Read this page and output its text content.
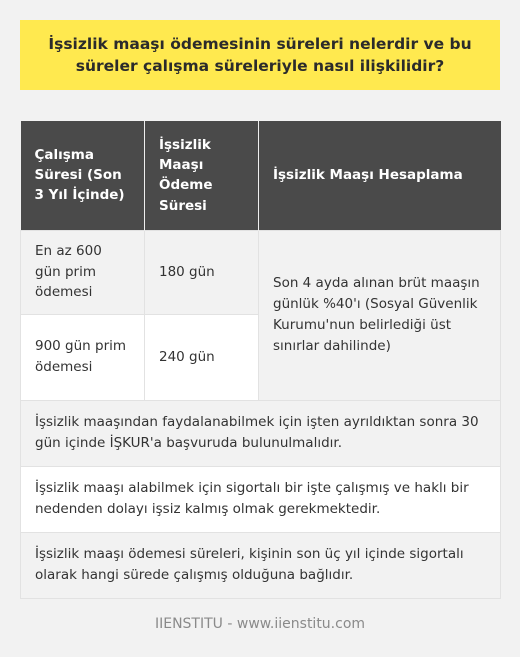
İşsizlik maaşı ödemesinin süreleri nelerdir ve bu süreler çalışma süreleriyle nasıl ilişkilidir?
Çalışma Süresi (Son 3 Yıl İçinde)	İşsizlik Maaşı Ödeme Süresi	İşsizlik Maaşı Hesaplama
En az 600 gün prim ödemesi	180 gün	Son 4 ayda alınan brüt maaşın günlük %40'ı (Sosyal Güvenlik Kurumu'nun belirlediği üst sınırlar dahilinde)
900 gün prim ödemesi	240 gün	
İşsizlik maaşından faydalanabilmek için işten ayrıldıktan sonra 30 gün içinde İŞKUR'a başvuruda bulunulmalıdır.		
İşsizlik maaşı alabilmek için sigortalı bir işte çalışmış ve haklı bir nedenden dolayı işsiz kalmış olmak gerekmektedir.		
İşsizlik maaşı ödemesi süreleri, kişinin son üç yıl içinde sigortalı olarak hangi sürede çalışmış olduğuna bağlıdır.		
IIENSTITU - www.iienstitu.com
